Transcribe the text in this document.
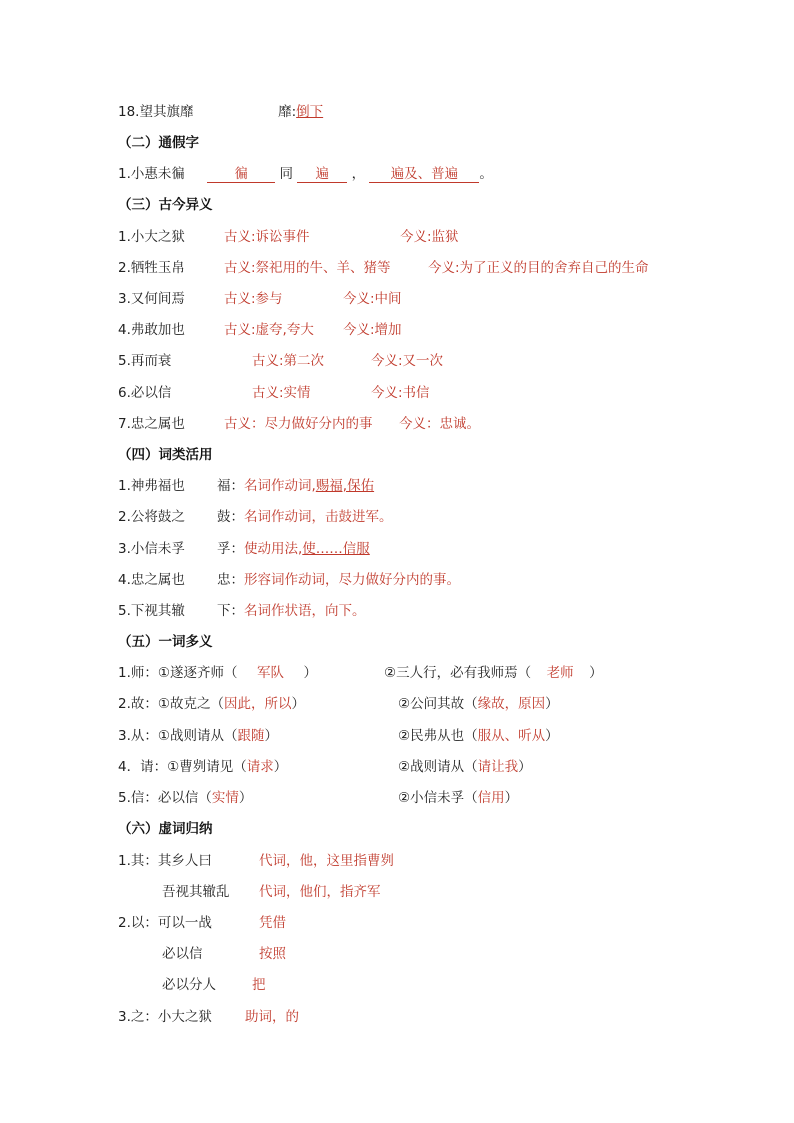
18.望其旗靡	靡:倒下
（二）通假字
1.小惠未徧	徧 同 遍 ， 遍及、普遍 。
（三）古今异义
1.小大之狱	古义:诉讼事件	今义:监狱
2.牺牲玉帛	古义:祭祀用的牛、羊、猪等	今义:为了正义的目的舍弃自己的生命
3.又何间焉	古义:参与	今义:中间
4.弗敢加也	古义:虚夸,夸大 今义:增加
5.再而衰	古义:第二次	今义:又一次
6.必以信	古义:实情	今义:书信
7.忠之属也	古义：尽力做好分内的事 今义：忠诚。
（四）词类活用
1.神弗福也 福：名词作动词,赐福,保佑
2.公将鼓之 鼓：名词作动词，击鼓进军。
3.小信未孚 孚：使动用法,使……信服
4.忠之属也 忠：形容词作动词，尽力做好分内的事。
5.下视其辙 下：名词作状语，向下。
（五）一词多义
1.师：①遂逐齐师（ 军队 ）	②三人行，必有我师焉（ 老师 ）
2.故：①故克之（因此，所以）	②公问其故（缘故，原因）
3.从：①战则请从（跟随）	②民弗从也（服从、听从）
4．请：①曹刿请见（请求）	②战则请从（请让我）
5.信：必以信（实情）	②小信未孚（信用）
（六）虚词归纳
1.其：其乡人曰	代词，他，这里指曹刿
吾视其辙乱 代词，他们，指齐军
2.以：可以一战	凭借
必以信	按照
必以分人	把
3.之：小大之狱 助词，的
